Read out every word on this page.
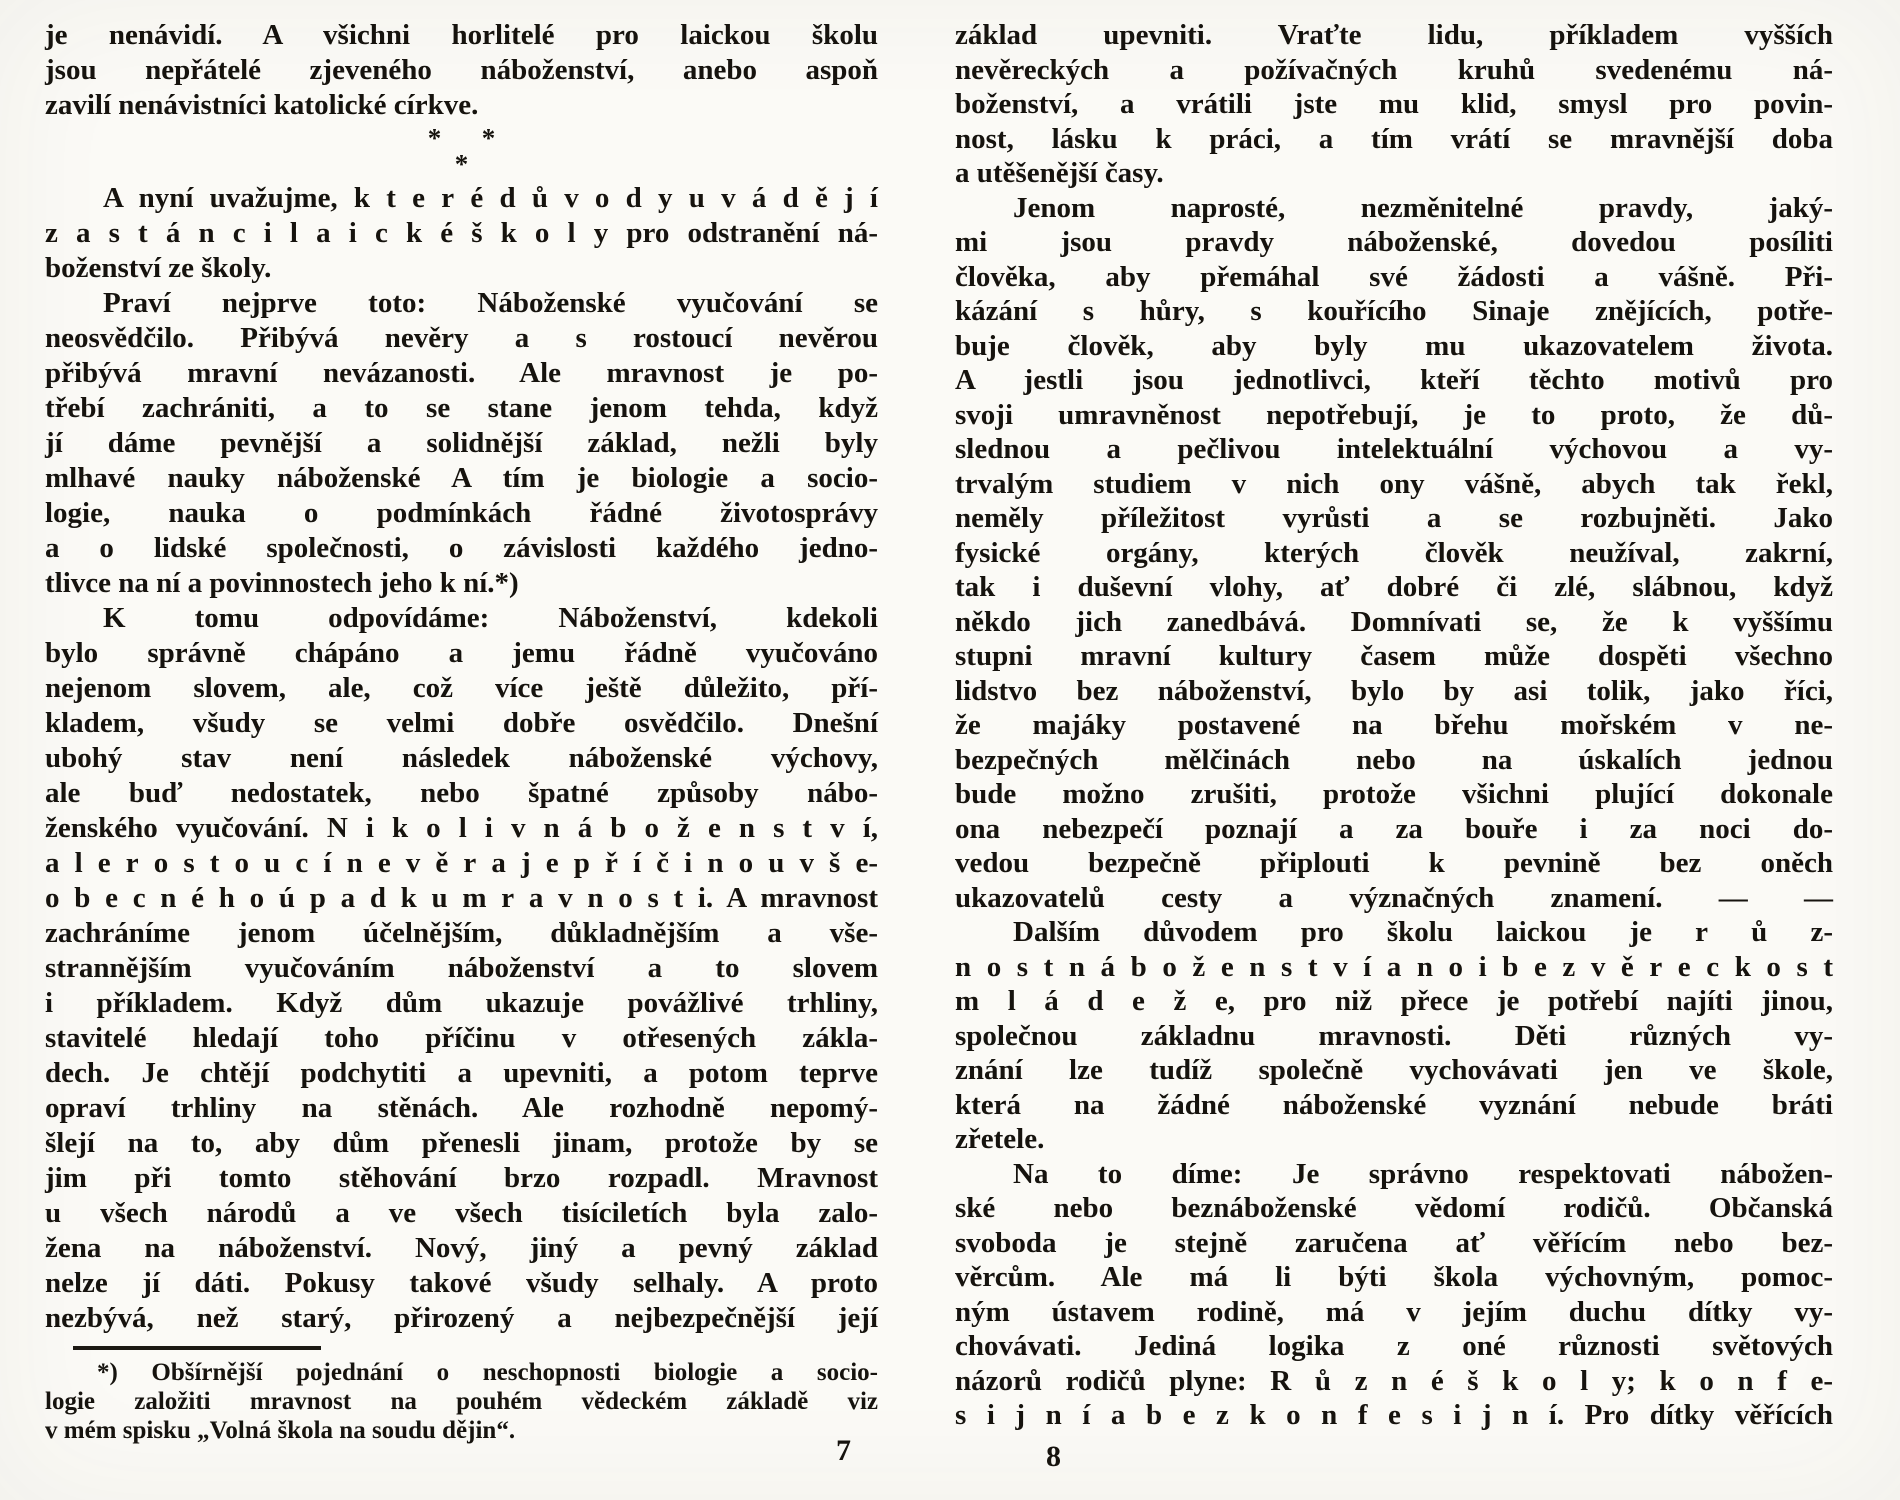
je nenávidí. A všichni horlitelé pro laickou školu
jsou nepřátelé zjeveného náboženství, anebo aspoň
zavilí nenávistníci katolické církve.
*      *
*
A nyní uvažujme, k t e r é d ů v o d y u v á d ě j í
z a s t á n c i l a i c k é š k o l y pro odstranění ná-
boženství ze školy.
Praví nejprve toto: Náboženské vyučování se
neosvědčilo. Přibývá nevěry a s rostoucí nevěrou
přibývá mravní nevázanosti. Ale mravnost je po-
třebí zachrániti, a to se stane jenom tehda, když
jí dáme pevnější a solidnější základ, nežli byly
mlhavé nauky náboženské A tím je biologie a socio-
logie, nauka o podmínkách řádné životosprávy
a o lidské společnosti, o závislosti každého jedno-
tlivce na ní a povinnostech jeho k ní.*)
K tomu odpovídáme: Náboženství, kdekoli
bylo správně chápáno a jemu řádně vyučováno
nejenom slovem, ale, což více ještě důležito, pří-
kladem, všudy se velmi dobře osvědčilo. Dnešní
ubohý stav není následek náboženské výchovy,
ale buď nedostatek, nebo špatné způsoby nábo-
ženského vyučování. N i k o l i v n á b o ž e n s t v í,
a l e r o s t o u c í n e v ě r a j e p ř í č i n o u v š e-
o b e c n é h o ú p a d k u m r a v n o s t i. A mravnost
zachráníme jenom účelnějším, důkladnějším a vše-
strannějším vyučováním náboženství a to slovem
i příkladem. Když dům ukazuje povážlivé trhliny,
stavitelé hledají toho příčinu v otřesených zákla-
dech. Je chtějí podchytiti a upevniti, a potom teprve
opraví trhliny na stěnách. Ale rozhodně nepomý-
šlejí na to, aby dům přenesli jinam, protože by se
jim při tomto stěhování brzo rozpadl. Mravnost
u všech národů a ve všech tisíciletích byla zalo-
žena na náboženství. Nový, jiný a pevný základ
nelze jí dáti. Pokusy takové všudy selhaly. A proto
nezbývá, než starý, přirozený a nejbezpečnější její
*) Obšírnější pojednání o neschopnosti biologie a socio-
logie založiti mravnost na pouhém vědeckém základě viz
v mém spisku „Volná škola na soudu dějin“.
základ upevniti. Vraťte lidu, příkladem vyšších
nevěreckých a požívačných kruhů svedenému ná-
boženství, a vrátili jste mu klid, smysl pro povin-
nost, lásku k práci, a tím vrátí se mravnější doba
a utěšenější časy.
Jenom naprosté, nezměnitelné pravdy, jaký-
mi jsou pravdy náboženské, dovedou posíliti
člověka, aby přemáhal své žádosti a vášně. Při-
kázání s hůry, s kouřícího Sinaje znějících, potře-
buje člověk, aby byly mu ukazovatelem života.
A jestli jsou jednotlivci, kteří těchto motivů pro
svoji umravněnost nepotřebují, je to proto, že dů-
slednou a pečlivou intelektuální výchovou a vy-
trvalým studiem v nich ony vášně, abych tak řekl,
neměly příležitost vyrůsti a se rozbujněti. Jako
fysické orgány, kterých člověk neužíval, zakrní,
tak i duševní vlohy, ať dobré či zlé, slábnou, když
někdo jich zanedbává. Domnívati se, že k vyššímu
stupni mravní kultury časem může dospěti všechno
lidstvo bez náboženství, bylo by asi tolik, jako říci,
že majáky postavené na břehu mořském v ne-
bezpečných mělčinách nebo na úskalích jednou
bude možno zrušiti, protože všichni plující dokonale
ona nebezpečí poznají a za bouře i za noci do-
vedou bezpečně připlouti k pevnině bez oněch
ukazovatelů cesty a význačných znamení. — —
Dalším důvodem pro školu laickou je r ů z-
n o s t n á b o ž e n s t v í a n o i b e z v ě r e c k o s t
m l á d e ž e, pro niž přece je potřebí najíti jinou,
společnou základnu mravnosti. Děti různých vy-
znání lze tudíž společně vychovávati jen ve škole,
která na žádné náboženské vyznání nebude bráti
zřetele.
Na to díme: Je správno respektovati nábožen-
ské nebo beznáboženské vědomí rodičů. Občanská
svoboda je stejně zaručena ať věřícím nebo bez-
věrcům. Ale má li býti škola výchovným, pomoc-
ným ústavem rodině, má v jejím duchu dítky vy-
chovávati. Jediná logika z oné různosti světových
názorů rodičů plyne: R ů z n é š k o l y; k o n f e-
s i j n í a b e z k o n f e s i j n í. Pro dítky věřících
7	8
